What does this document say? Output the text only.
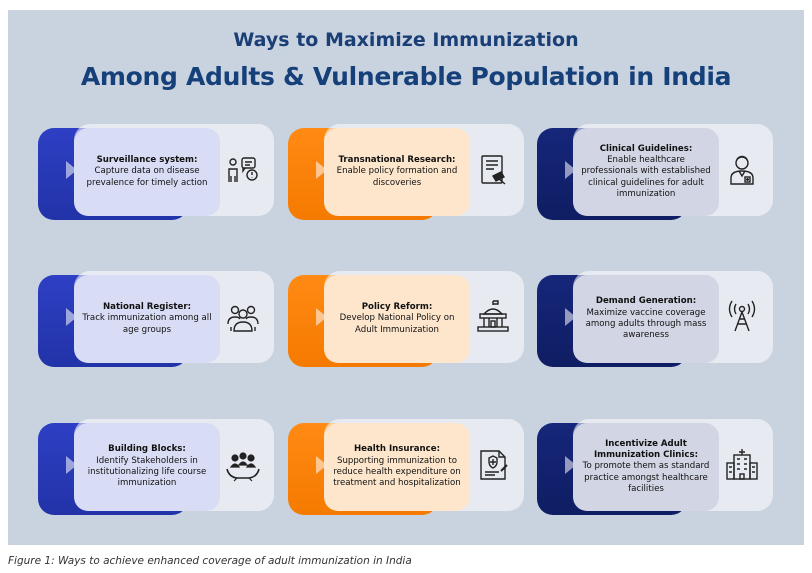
Ways to Maximize Immunization
Among Adults & Vulnerable Population in India
Surveillance system:
Capture data on disease prevalence for timely action
Transnational Research:
Enable policy formation and discoveries
Clinical Guidelines:
Enable healthcare professionals with established clinical guidelines for adult immunization
National Register:
Track immunization among all age groups
Policy Reform:
Develop National Policy on Adult Immunization
Demand Generation:
Maximize vaccine coverage among adults through mass awareness
Building Blocks:
Identify Stakeholders in institutionalizing life course immunization
Health Insurance:
Supporting immunization to reduce health expenditure on treatment and hospitalization
Incentivize Adult Immunization Clinics:
To promote them as standard practice amongst healthcare facilities
Figure 1: Ways to achieve enhanced coverage of adult immunization in India
